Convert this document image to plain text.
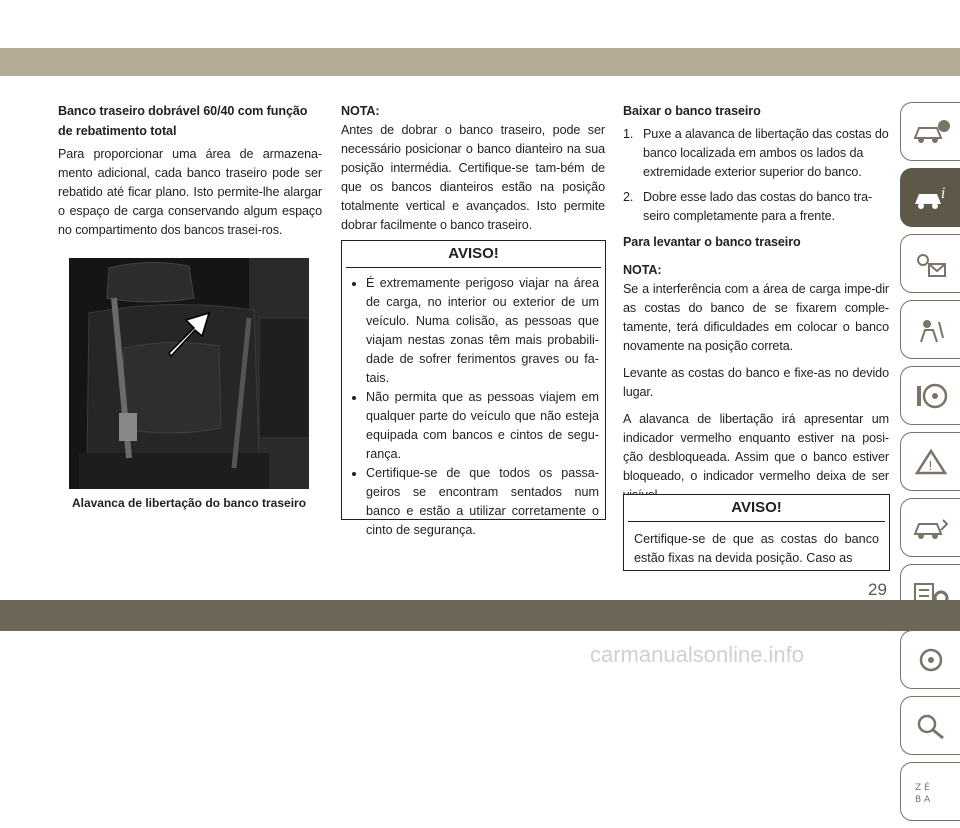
Banco traseiro dobrável 60/40 com função de rebatimento total

Para proporcionar uma área de armazena-mento adicional, cada banco traseiro pode ser rebatido até ficar plano. Isto permite-lhe alargar o espaço de carga conservando algum espaço no compartimento dos bancos trasei-ros.

Alavanca de libertação do banco traseiro
NOTA:

Antes de dobrar o banco traseiro, pode ser necessário posicionar o banco dianteiro na sua posição intermédia. Certifique-se tam-bém de que os bancos dianteiros estão na posição totalmente vertical e avançados. Isto permite dobrar facilmente o banco traseiro.

AVISO!
• É extremamente perigoso viajar na área de carga, no interior ou exterior de um veículo. Numa colisão, as pessoas que viajam nestas zonas têm mais probabili-dade de sofrer ferimentos graves ou fa-tais.
• Não permita que as pessoas viajem em qualquer parte do veículo que não esteja equipada com bancos e cintos de segu-rança.
• Certifique-se de que todos os passa-geiros se encontram sentados num banco e estão a utilizar corretamente o cinto de segurança.
Baixar o banco traseiro
1. Puxe a alavanca de libertação das costas do banco localizada em ambos os lados da extremidade exterior superior do banco.
2. Dobre esse lado das costas do banco tra-seiro completamente para a frente.
Para levantar o banco traseiro
NOTA:

Se a interferência com a área de carga impe-dir as costas do banco de se fixarem comple-tamente, terá dificuldades em colocar o banco novamente na posição correta.

Levante as costas do banco e fixe-as no devido lugar.

A alavanca de libertação irá apresentar um indicador vermelho enquanto estiver na posi-ção desbloqueada. Assim que o banco estiver bloqueado, o indicador vermelho deixa de ser

AVISO!

Certifique-se de que as costas do banco estão fixas na devida posição. Caso as

i
!
Z É
B A
29
carmanualsonline.info
